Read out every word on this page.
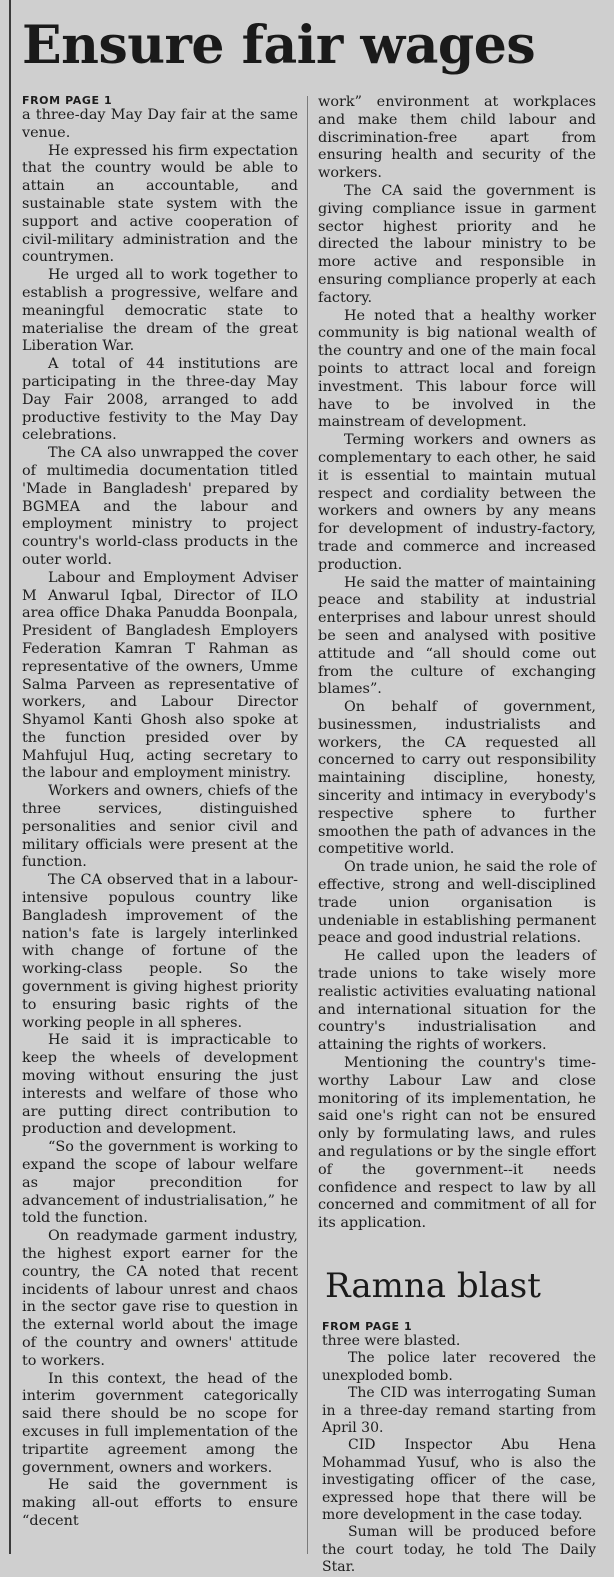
Ensure fair wages
FROM PAGE 1

a three-day May Day fair at the same venue.

He expressed his firm expectation that the country would be able to attain an accountable, and sustainable state system with the support and active cooperation of civil-military administration and the countrymen.

He urged all to work together to establish a progressive, welfare and meaningful democratic state to materialise the dream of the great Liberation War.

A total of 44 institutions are participating in the three-day May Day Fair 2008, arranged to add productive festivity to the May Day celebrations.

The CA also unwrapped the cover of multimedia documentation titled 'Made in Bangladesh' prepared by BGMEA and the labour and employment ministry to project country's world-class products in the outer world.

Labour and Employment Adviser M Anwarul Iqbal, Director of ILO area office Dhaka Panudda Boonpala, President of Bangladesh Employers Federation Kamran T Rahman as representative of the owners, Umme Salma Parveen as representative of workers, and Labour Director Shyamol Kanti Ghosh also spoke at the function presided over by Mahfujul Huq, acting secretary to the labour and employment ministry.

Workers and owners, chiefs of the three services, distinguished personalities and senior civil and military officials were present at the function.

The CA observed that in a labour-intensive populous country like Bangladesh improvement of the nation's fate is largely interlinked with change of fortune of the working-class people. So the government is giving highest priority to ensuring basic rights of the working people in all spheres.

He said it is impracticable to keep the wheels of development moving without ensuring the just interests and welfare of those who are putting direct contribution to production and development.

“So the government is working to expand the scope of labour welfare as major precondition for advancement of industrialisation,” he told the function.

On readymade garment industry, the highest export earner for the country, the CA noted that recent incidents of labour unrest and chaos in the sector gave rise to question in the external world about the image of the country and owners' attitude to workers.

In this context, the head of the interim government categorically said there should be no scope for excuses in full implementation of the tripartite agreement among the government, owners and workers.

He said the government is making all-out efforts to ensure “decent

work” environment at workplaces and make them child labour and discrimination-free apart from ensuring health and security of the workers.

The CA said the government is giving compliance issue in garment sector highest priority and he directed the labour ministry to be more active and responsible in ensuring compliance properly at each factory.

He noted that a healthy worker community is big national wealth of the country and one of the main focal points to attract local and foreign investment. This labour force will have to be involved in the mainstream of development.

Terming workers and owners as complementary to each other, he said it is essential to maintain mutual respect and cordiality between the workers and owners by any means for development of industry-factory, trade and commerce and increased production.

He said the matter of maintaining peace and stability at industrial enterprises and labour unrest should be seen and analysed with positive attitude and “all should come out from the culture of exchanging blames”.

On behalf of government, businessmen, industrialists and workers, the CA requested all concerned to carry out responsibility maintaining discipline, honesty, sincerity and intimacy in everybody's respective sphere to further smoothen the path of advances in the competitive world.

On trade union, he said the role of effective, strong and well-disciplined trade union organisation is undeniable in establishing permanent peace and good industrial relations.

He called upon the leaders of trade unions to take wisely more realistic activities evaluating national and international situation for the country's industrialisation and attaining the rights of workers.

Mentioning the country's time-worthy Labour Law and close monitoring of its implementation, he said one's right can not be ensured only by formulating laws, and rules and regulations or by the single effort of the government--it needs confidence and respect to law by all concerned and commitment of all for its application.

Ramna blast
FROM PAGE 1

three were blasted.

The police later recovered the unexploded bomb.

The CID was interrogating Suman in a three-day remand starting from April 30.

CID Inspector Abu Hena Mohammad Yusuf, who is also the investigating officer of the case, expressed hope that there will be more development in the case today.

Suman will be produced before the court today, he told The Daily Star.
